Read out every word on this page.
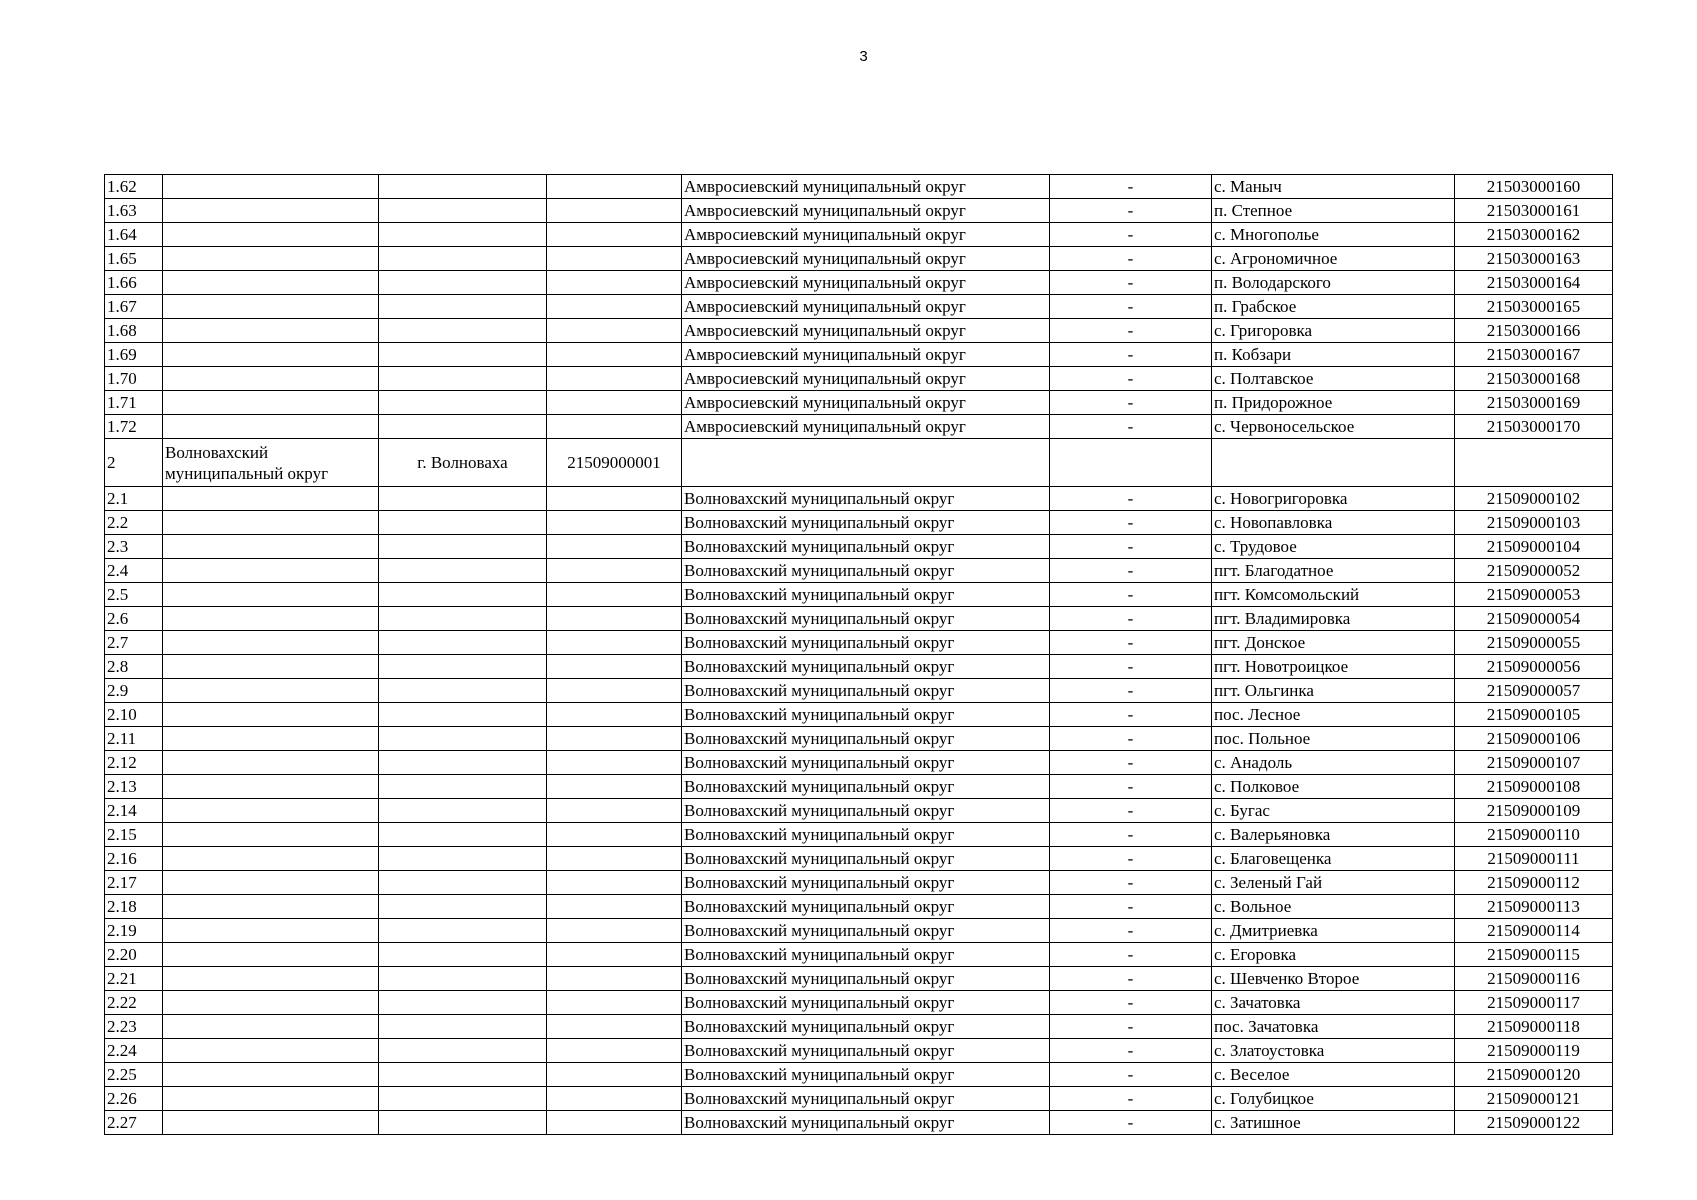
3
1.62				Амвросиевский муниципальный округ	-	с. Маныч	21503000160
1.63				Амвросиевский муниципальный округ	-	п. Степное	21503000161
1.64				Амвросиевский муниципальный округ	-	с. Многополье	21503000162
1.65				Амвросиевский муниципальный округ	-	с. Агрономичное	21503000163
1.66				Амвросиевский муниципальный округ	-	п. Володарского	21503000164
1.67				Амвросиевский муниципальный округ	-	п. Грабское	21503000165
1.68				Амвросиевский муниципальный округ	-	с. Григоровка	21503000166
1.69				Амвросиевский муниципальный округ	-	п. Кобзари	21503000167
1.70				Амвросиевский муниципальный округ	-	с. Полтавское	21503000168
1.71				Амвросиевский муниципальный округ	-	п. Придорожное	21503000169
1.72				Амвросиевский муниципальный округ	-	с. Червоносельское	21503000170
2	Волновахский муниципальный округ	г. Волноваха	21509000001				
2.1				Волновахский муниципальный округ	-	с. Новогригоровка	21509000102
2.2				Волновахский муниципальный округ	-	с. Новопавловка	21509000103
2.3				Волновахский муниципальный округ	-	с. Трудовое	21509000104
2.4				Волновахский муниципальный округ	-	пгт. Благодатное	21509000052
2.5				Волновахский муниципальный округ	-	пгт. Комсомольский	21509000053
2.6				Волновахский муниципальный округ	-	пгт. Владимировка	21509000054
2.7				Волновахский муниципальный округ	-	пгт. Донское	21509000055
2.8				Волновахский муниципальный округ	-	пгт. Новотроицкое	21509000056
2.9				Волновахский муниципальный округ	-	пгт. Ольгинка	21509000057
2.10				Волновахский муниципальный округ	-	пос. Лесное	21509000105
2.11				Волновахский муниципальный округ	-	пос. Польное	21509000106
2.12				Волновахский муниципальный округ	-	с. Анадоль	21509000107
2.13				Волновахский муниципальный округ	-	с. Полковое	21509000108
2.14				Волновахский муниципальный округ	-	с. Бугас	21509000109
2.15				Волновахский муниципальный округ	-	с. Валерьяновка	21509000110
2.16				Волновахский муниципальный округ	-	с. Благовещенка	21509000111
2.17				Волновахский муниципальный округ	-	с. Зеленый Гай	21509000112
2.18				Волновахский муниципальный округ	-	с. Вольное	21509000113
2.19				Волновахский муниципальный округ	-	с. Дмитриевка	21509000114
2.20				Волновахский муниципальный округ	-	с. Егоровка	21509000115
2.21				Волновахский муниципальный округ	-	с. Шевченко Второе	21509000116
2.22				Волновахский муниципальный округ	-	с. Зачатовка	21509000117
2.23				Волновахский муниципальный округ	-	пос. Зачатовка	21509000118
2.24				Волновахский муниципальный округ	-	с. Златоустовка	21509000119
2.25				Волновахский муниципальный округ	-	с. Веселое	21509000120
2.26				Волновахский муниципальный округ	-	с. Голубицкое	21509000121
2.27				Волновахский муниципальный округ	-	с. Затишное	21509000122
